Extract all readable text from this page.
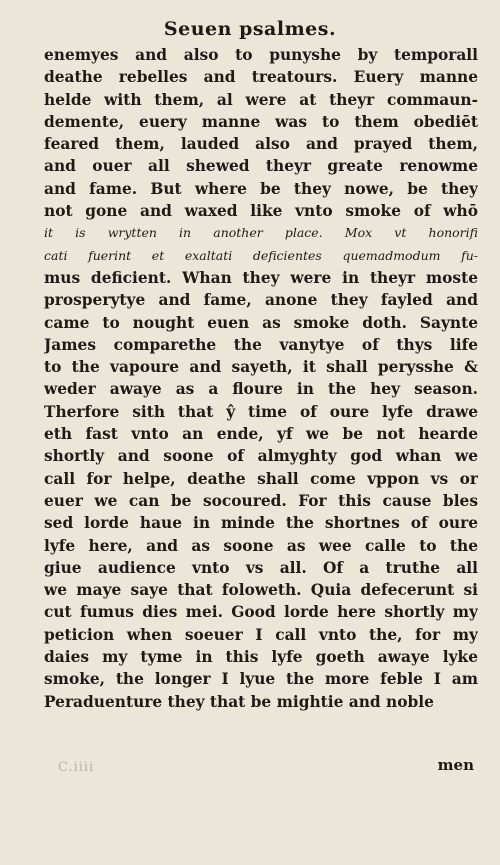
Seuen psalmes.
enemyes and also to punyshe by temporall
deathe rebelles and treatours. Euery manne
helde with them, al were at theyr commaun‑
demente, euery manne was to them obediēt
feared them, lauded also and prayed them,
and ouer all shewed theyr greate renowme
and fame. But where be they nowe, be they
not gone and waxed like vnto smoke of whō
it is wrytten in another place. Mox vt honorifi
cati fuerint et exaltati deficientes quemadmodum fu‑
mus deficient. Whan they were in theyr moste
prosperytye and fame, anone they fayled and
came to nought euen as smoke doth. Saynte
James comparethe the vanytye of thys life
to the vapoure and sayeth, it shall perysshe &
weder awaye as a floure in the hey season.
Therfore sith that ŷ time of oure lyfe drawe
eth fast vnto an ende, yf we be not hearde
shortly and soone of almyghty god whan we
call for helpe, deathe shall come vppon vs or
euer we can be socoured. For this cause bles
sed lorde haue in minde the shortnes of oure
lyfe here, and as soone as wee calle to the
giue audience vnto vs all. Of a truthe all
we maye saye that foloweth. Quia defecerunt si
cut fumus dies mei. Good lorde here shortly my
peticion when soeuer I call vnto the, for my
daies my tyme in this lyfe goeth awaye lyke
smoke, the longer I lyue the more feble I am
Peraduenture they that be mightie and noble
C.iiii	men
